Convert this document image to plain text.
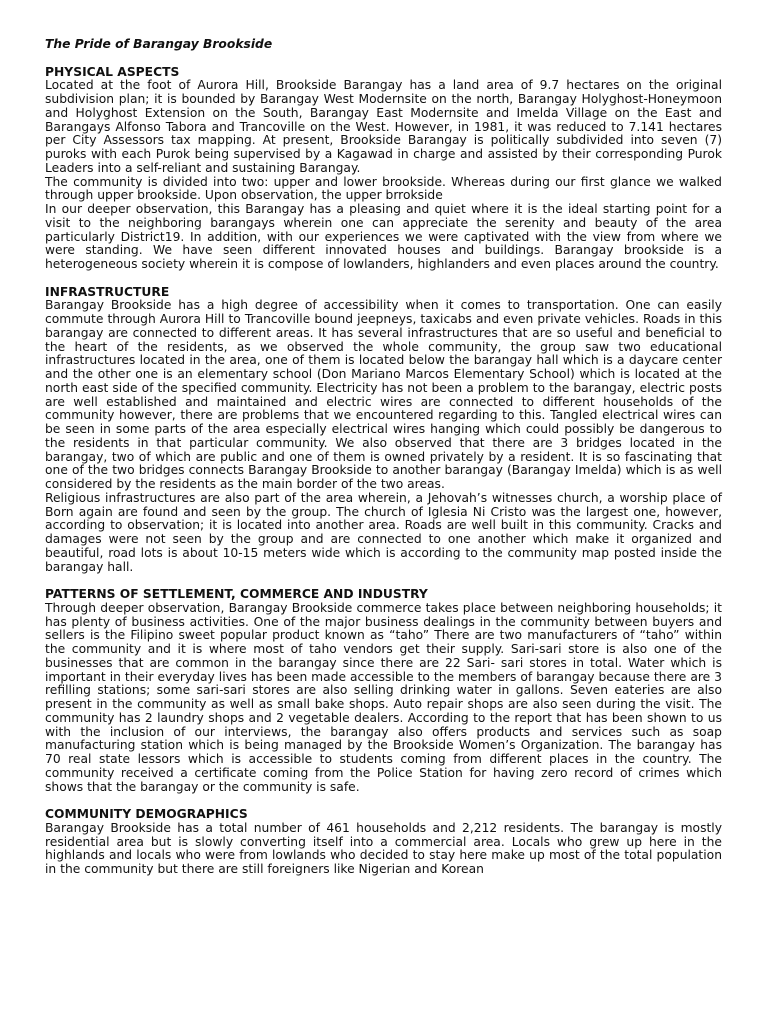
The Pride of Barangay Brookside

PHYSICAL ASPECTS

Located at the foot of Aurora Hill, Brookside Barangay has a land area of 9.7 hectares on the original subdivision plan; it is bounded by Barangay West Modernsite on the north, Barangay Holyghost-Honeymoon and Holyghost Extension on the South, Barangay East Modernsite and Imelda Village on the East and Barangays Alfonso Tabora and Trancoville on the West. However, in 1981, it was reduced to 7.141 hectares per City Assessors tax mapping. At present, Brookside Barangay is politically subdivided into seven (7) puroks with each Purok being supervised by a Kagawad in charge and assisted by their corresponding Purok Leaders into a self-reliant and sustaining Barangay.

The community is divided into two: upper and lower brookside. Whereas during our first glance we walked through upper brookside. Upon observation, the upper brrokside

In our deeper observation, this Barangay has a pleasing and quiet where it is the ideal starting point for a visit to the neighboring barangays wherein one can appreciate the serenity and beauty of the area particularly District19. In addition, with our experiences we were captivated with the view from where we were standing. We have seen different innovated houses and buildings. Barangay brookside is a heterogeneous society wherein it is compose of lowlanders, highlanders and even places around the country.

INFRASTRUCTURE

Barangay Brookside has a high degree of accessibility when it comes to transportation. One can easily commute through Aurora Hill to Trancoville bound jeepneys, taxicabs and even private vehicles. Roads in this barangay are connected to different areas. It has several infrastructures that are so useful and beneficial to the heart of the residents, as we observed the whole community, the group saw two educational infrastructures located in the area, one of them is located below the barangay hall which is a daycare center and the other one is an elementary school (Don Mariano Marcos Elementary School) which is located at the north east side of the specified community. Electricity has not been a problem to the barangay, electric posts are well established and maintained and electric wires are connected to different households of the community however, there are problems that we encountered regarding to this. Tangled electrical wires can be seen in some parts of the area especially electrical wires hanging which could possibly be dangerous to the residents in that particular community. We also observed that there are 3 bridges located in the barangay, two of which are public and one of them is owned privately by a resident. It is so fascinating that one of the two bridges connects Barangay Brookside to another barangay (Barangay Imelda) which is as well considered by the residents as the main border of the two areas.

Religious infrastructures are also part of the area wherein, a Jehovah’s witnesses church, a worship place of Born again are found and seen by the group. The church of Iglesia Ni Cristo was the largest one, however, according to observation; it is located into another area. Roads are well built in this community. Cracks and damages were not seen by the group and are connected to one another which make it organized and beautiful, road lots is about 10-15 meters wide which is according to the community map posted inside the barangay hall.

PATTERNS OF SETTLEMENT, COMMERCE AND INDUSTRY

Through deeper observation, Barangay Brookside commerce takes place between neighboring households; it has plenty of business activities. One of the major business dealings in the community between buyers and sellers is the Filipino sweet popular product known as “taho” There are two manufacturers of “taho” within the community and it is where most of taho vendors get their supply. Sari-sari store is also one of the businesses that are common in the barangay since there are 22 Sari- sari stores in total. Water which is important in their everyday lives has been made accessible to the members of barangay because there are 3 refilling stations; some sari-sari stores are also selling drinking water in gallons. Seven eateries are also present in the community as well as small bake shops. Auto repair shops are also seen during the visit. The community has 2 laundry shops and 2 vegetable dealers. According to the report that has been shown to us with the inclusion of our interviews, the barangay also offers products and services such as soap manufacturing station which is being managed by the Brookside Women’s Organization. The barangay has 70 real state lessors which is accessible to students coming from different places in the country. The community received a certificate coming from the Police Station for having zero record of crimes which shows that the barangay or the community is safe.

COMMUNITY DEMOGRAPHICS

Barangay Brookside has a total number of 461 households and 2,212 residents. The barangay is mostly residential area but is slowly converting itself into a commercial area. Locals who grew up here in the highlands and locals who were from lowlands who decided to stay here make up most of the total population in the community but there are still foreigners like Nigerian and Korean
